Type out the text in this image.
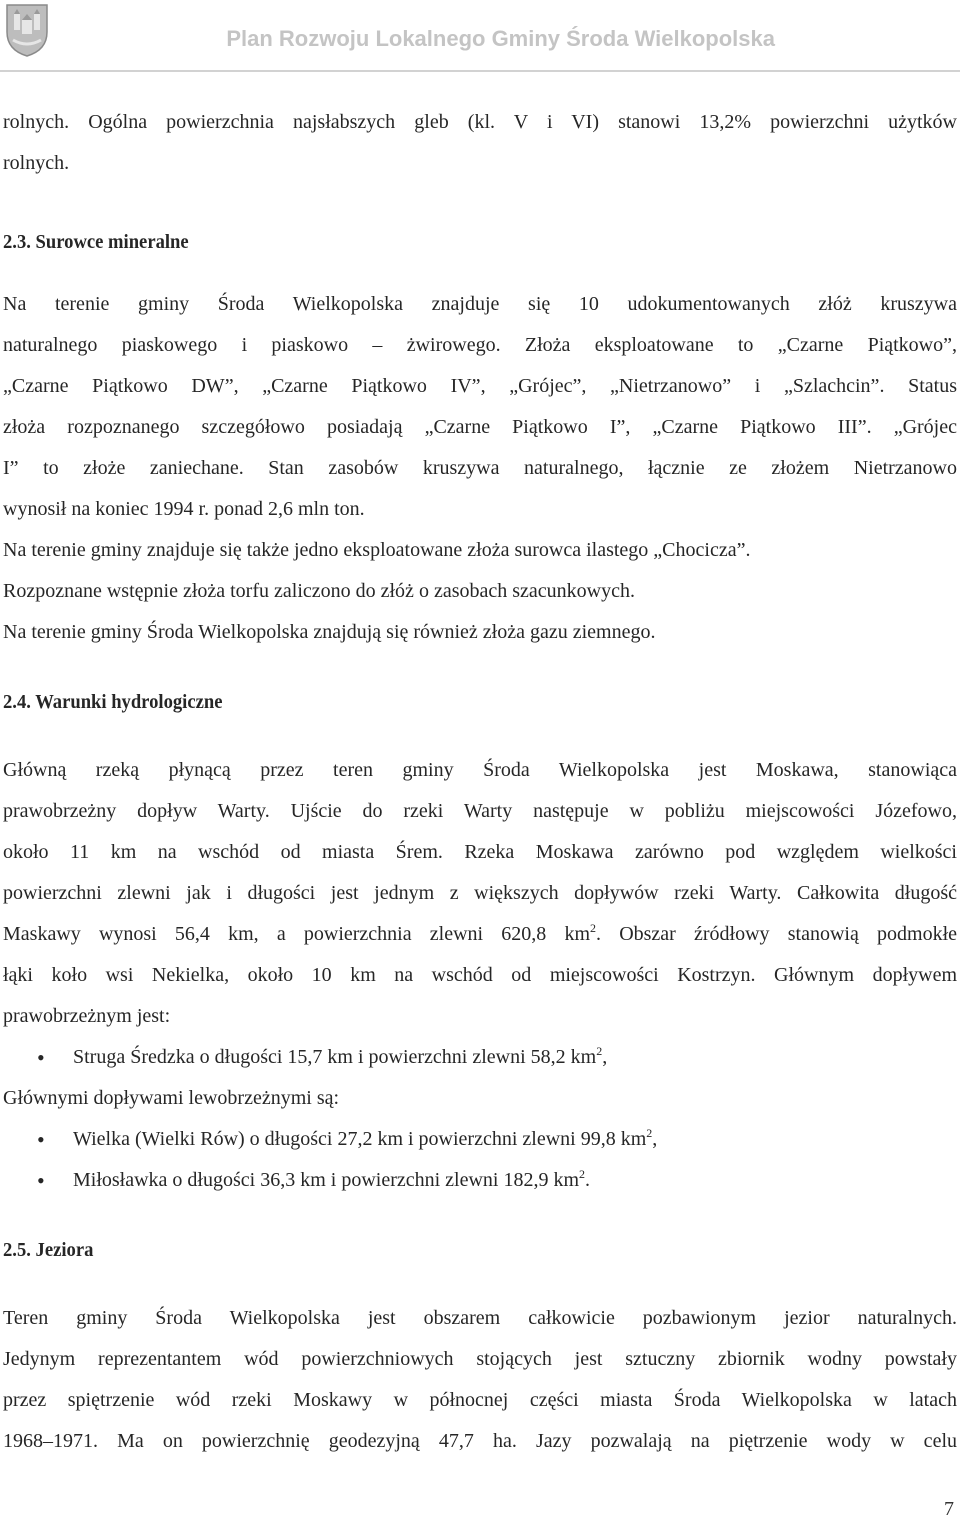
Plan Rozwoju Lokalnego Gminy Środa Wielkopolska

rolnych. Ogólna powierzchnia najsłabszych gleb (kl. V i VI) stanowi 13,2% powierzchni użytków

rolnych.

2.3. Surowce mineralne

Na terenie gminy Środa Wielkopolska znajduje się 10 udokumentowanych złóż kruszywa

naturalnego piaskowego i piaskowo – żwirowego. Złoża eksploatowane to „Czarne Piątkowo”,

„Czarne Piątkowo DW”, „Czarne Piątkowo IV”, „Grójec”, „Nietrzanowo” i „Szlachcin”. Status

złoża rozpoznanego szczegółowo posiadają „Czarne Piątkowo I”, „Czarne Piątkowo III”. „Grójec

I” to złoże zaniechane. Stan zasobów kruszywa naturalnego, łącznie ze złożem Nietrzanowo

wynosił na koniec 1994 r. ponad 2,6 mln ton.

Na terenie gminy znajduje się także jedno eksploatowane złoża surowca ilastego „Chocicza”.

Rozpoznane wstępnie złoża torfu zaliczono do złóż o zasobach szacunkowych.

Na terenie gminy Środa Wielkopolska znajdują się również złoża gazu ziemnego.

2.4. Warunki hydrologiczne

Główną rzeką płynącą przez teren gminy Środa Wielkopolska jest Moskawa, stanowiąca

prawobrzeżny dopływ Warty. Ujście do rzeki Warty następuje w pobliżu miejscowości Józefowo,

około 11 km na wschód od miasta Śrem. Rzeka Moskawa zarówno pod względem wielkości

powierzchni zlewni jak i długości jest jednym z większych dopływów rzeki Warty. Całkowita długość

Maskawy wynosi 56,4 km, a powierzchnia zlewni 620,8 $km^2$. Obszar źródłowy stanowią podmokłe

łąki koło wsi Nekielka, około 10 km na wschód od miejscowości Kostrzyn. Głównym dopływem

prawobrzeżnym jest:

• Struga Średzka o długości 15,7 km i powierzchni zlewni 58,2 $km^2$,

Głównymi dopływami lewobrzeżnymi są:

• Wielka (Wielki Rów) o długości 27,2 km i powierzchni zlewni 99,8 $km^2$,
• Miłosławka o długości 36,3 km i powierzchni zlewni 182,9 $km^2$.
2.5. Jeziora

Teren gminy Środa Wielkopolska jest obszarem całkowicie pozbawionym jezior naturalnych.

Jedynym reprezentantem wód powierzchniowych stojących jest sztuczny zbiornik wodny powstały

przez spiętrzenie wód rzeki Moskawy w północnej części miasta Środa Wielkopolska w latach

1968–1971. Ma on powierzchnię geodezyjną 47,7 ha. Jazy pozwalają na piętrzenie wody w celu

7
